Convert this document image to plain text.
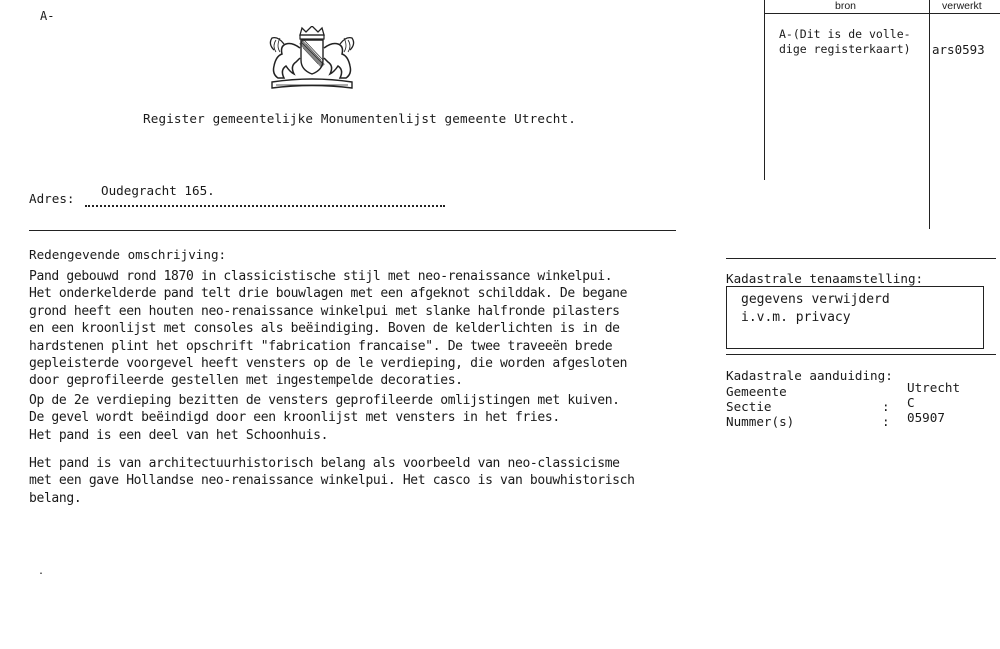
A-
Register gemeentelijke Monumentenlijst gemeente Utrecht.
bron	verwerkt
A-(Dit is de volle-
dige registerkaart) ars0593
Oudegracht 165.
Adres:
Redengevende omschrijving:
Pand gebouwd rond 1870 in classicistische stijl met neo-renaissance winkelpui.
Het onderkelderde pand telt drie bouwlagen met een afgeknot schilddak. De begane
grond heeft een houten neo-renaissance winkelpui met slanke halfronde pilasters
en een kroonlijst met consoles als beëindiging. Boven de kelderlichten is in de
hardstenen plint het opschrift "fabrication francaise". De twee traveeën brede
gepleisterde voorgevel heeft vensters op de le verdieping, die worden afgesloten
door geprofileerde gestellen met ingestempelde decoraties.
Op de 2e verdieping bezitten de vensters geprofileerde omlijstingen met kuiven.
De gevel wordt beëindigd door een kroonlijst met vensters in het fries.
Het pand is een deel van het Schoonhuis.
Het pand is van architectuurhistorisch belang als voorbeeld van neo-classicisme
met een gave Hollandse neo-renaissance winkelpui. Het casco is van bouwhistorisch
belang.
Kadastrale tenaamstelling:
gegevens verwijderd
i.v.m. privacy
Kadastrale aanduiding:
Gemeente	Utrecht
Sectie	: C
Nummer(s)	: 05907
.
